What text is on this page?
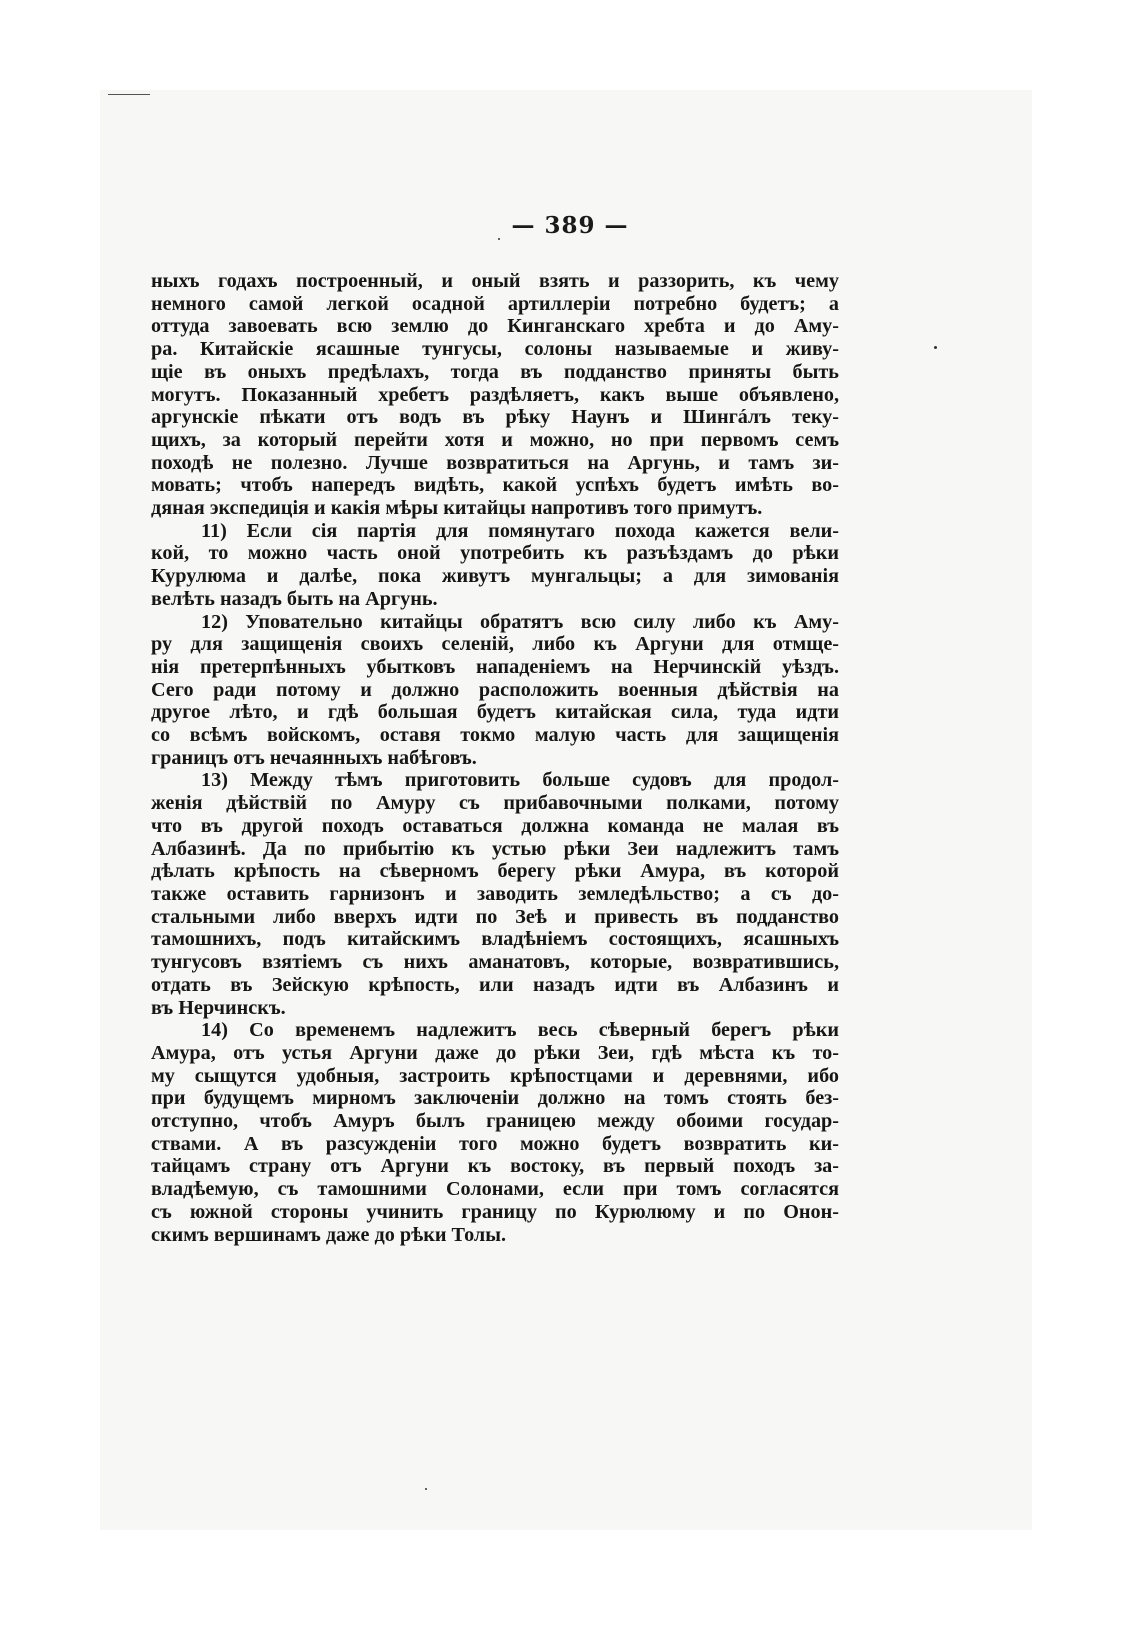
— 389 —
ныхъ годахъ построенный, и оный взять и раззорить, къ чему
немного самой легкой осадной артиллерiи потребно будетъ; а
оттуда завоевать всю землю до Кинганскаго хребта и до Аму-
ра. Китайскiе ясашные тунгусы, солоны называемые и живу-
щiе въ оныхъ предѣлахъ, тогда въ подданство приняты быть
могутъ. Показанный хребетъ раздѣляетъ, какъ выше объявлено,
аргунскiе пѣкати отъ водъ въ рѣку Наунъ и Шингáлъ теку-
щихъ, за который перейти хотя и можно, но при первомъ семъ
походѣ не полезно. Лучше возвратиться на Аргунь, и тамъ зи-
мовать; чтобъ напередъ видѣть, какой успѣхъ будетъ имѣть во-
дяная экспедицiя и какiя мѣры китайцы напротивъ того примутъ.
11) Если сiя партiя для помянутаго похода кажется вели-
кой, то можно часть оной употребить къ разъѣздамъ до рѣки
Курулюма и далѣе, пока живутъ мунгальцы; а для зимованiя
велѣть назадъ быть на Аргунь.
12) Уповательно китайцы обратятъ всю силу либо къ Аму-
ру для защищенiя своихъ селенiй, либо къ Аргуни для отмще-
нiя претерпѣнныхъ убытковъ нападенiемъ на Нерчинскiй уѣздъ.
Сего ради потому и должно расположить военныя дѣйствiя на
другое лѣто, и гдѣ большая будетъ китайская сила, туда идти
со всѣмъ войскомъ, оставя токмо малую часть для защищенiя
границъ отъ нечаянныхъ набѣговъ.
13) Между тѣмъ приготовить больше судовъ для продол-
женiя дѣйствiй по Амуру съ прибавочными полками, потому
что въ другой походъ оставаться должна команда не малая въ
Албазинѣ. Да по прибытiю къ устью рѣки Зеи надлежитъ тамъ
дѣлать крѣпость на сѣверномъ берегу рѣки Амура, въ которой
также оставить гарнизонъ и заводить земледѣльство; а съ до-
стальными либо вверхъ идти по Зеѣ и привесть въ подданство
тамошнихъ, подъ китайскимъ владѣнiемъ состоящихъ, ясашныхъ
тунгусовъ взятiемъ съ нихъ аманатовъ, которые, возвратившись,
отдать въ Зейскую крѣпость, или назадъ идти въ Албазинъ и
въ Нерчинскъ.
14) Со временемъ надлежитъ весь сѣверный берегъ рѣки
Амура, отъ устья Аргуни даже до рѣки Зеи, гдѣ мѣста къ то-
му сыщутся удобныя, застроить крѣпостцами и деревнями, ибо
при будущемъ мирномъ заключенiи должно на томъ стоять без-
отступно, чтобъ Амуръ былъ границею между обоими государ-
ствами. А въ разсужденiи того можно будетъ возвратить ки-
тайцамъ страну отъ Аргуни къ востоку, въ первый походъ за-
владѣемую, съ тамошними Солонами, если при томъ согласятся
съ южной стороны учинить границу по Курюлюму и по Онон-
скимъ вершинамъ даже до рѣки Толы.
